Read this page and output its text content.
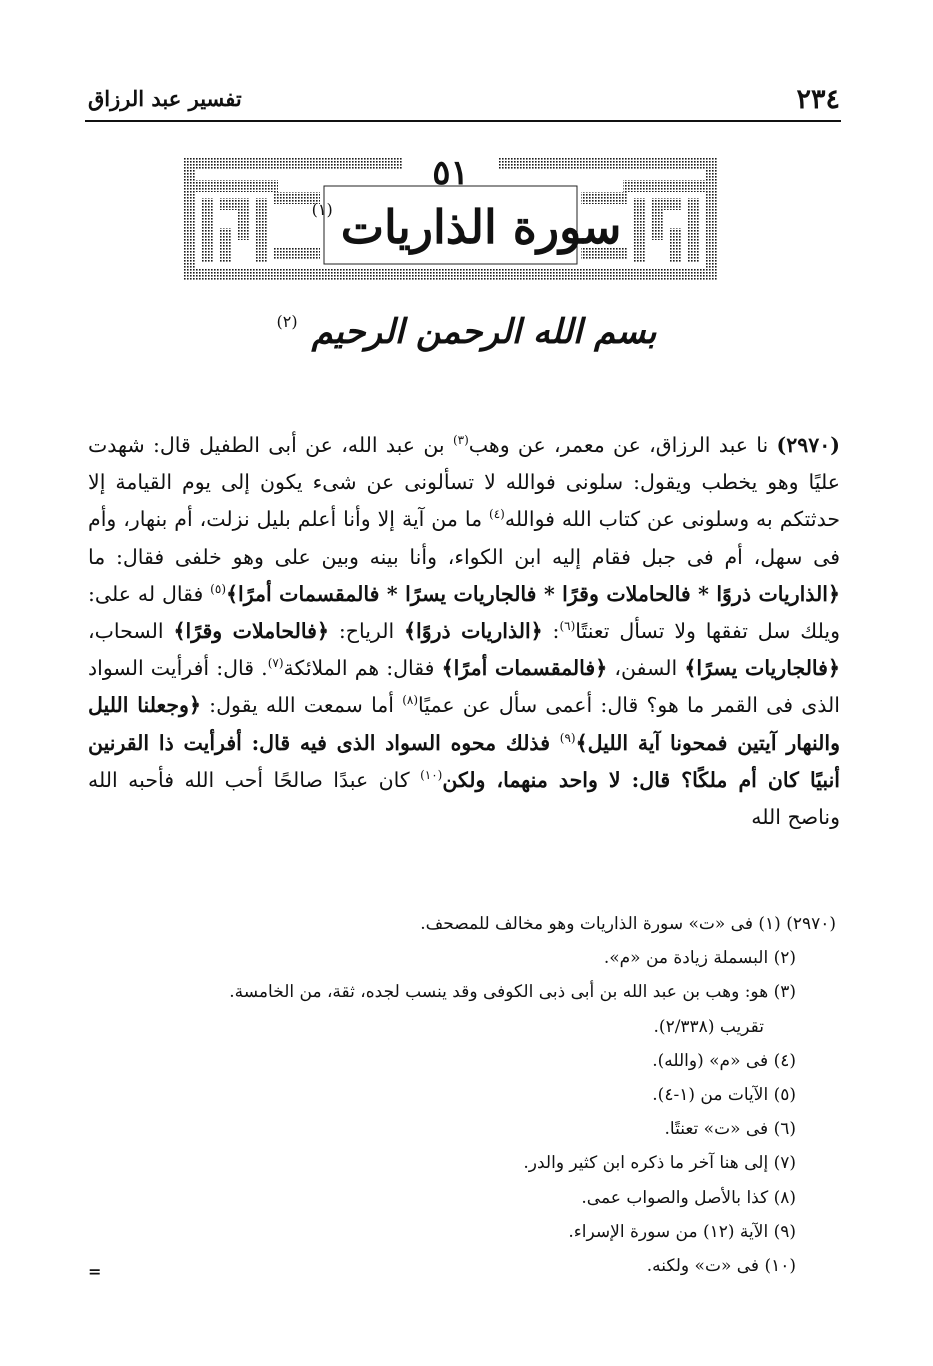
٢٣٤
تفسير عبد الرزاق
٥١
سورة الذاريات(١)
بسم الله الرحمن الرحيم(٢)

(٢٩٧٠) نا عبد الرزاق، عن معمر، عن وهب$^{(٣)}$ بن عبد الله، عن أبى الطفيل قال: شهدت عليًا وهو يخطب ويقول: سلونى فوالله لا تسألونى عن شىء يكون إلى يوم القيامة إلا حدثتكم به وسلونى عن كتاب الله فوالله$^{(٤)}$ ما من آية إلا وأنا أعلم بليل نزلت، أم بنهار، وأم فى سهل، أم فى جبل فقام إليه ابن الكواء، وأنا بينه وبين على وهو خلفى فقال: ما ﴿الذاريات ذروًا * فالحاملات وقرًا * فالجاريات يسرًا * فالمقسمات أمرًا﴾$^{(٥)}$ فقال له على: ويلك سل تفقها ولا تسأل تعنتًا$^{(٦)}$: ﴿الذاريات ذروًا﴾ الرياح: ﴿فالحاملات وقرًا﴾ السحاب، ﴿فالجاريات يسرًا﴾ السفن، ﴿فالمقسمات أمرًا﴾ فقال: هم الملائكة$^{(٧)}$. قال: أفرأيت السواد الذى فى القمر ما هو؟ قال: أعمى سأل عن عميًا$^{(٨)}$ أما سمعت الله يقول: ﴿وجعلنا الليل والنهار آيتين فمحونا آية الليل﴾$^{(٩)}$ فذلك محوه السواد الذى فيه قال: أفرأيت ذا القرنين أنبيًا كان أم ملكًا؟ قال: لا واحد منهما، ولكن$^{(١٠)}$ كان عبدًا صالحًا أحب الله فأحبه الله وناصح الله

(٢٩٧٠) (١) فى «ت» سورة الذاريات وهو مخالف للمصحف.
(٢) البسملة زيادة من «م».
(٣) هو: وهب بن عبد الله بن أبى ذبى الكوفى وقد ينسب لجده، ثقة، من الخامسة.
تقريب (٢/٣٣٨).
(٤) فى «م» (والله).
(٥) الآيات من (١-٤).
(٦) فى «ت» تعنتًا.
(٧) إلى هنا آخر ما ذكره ابن كثير والدر.
(٨) كذا بالأصل والصواب عمى.
(٩) الآية (١٢) من سورة الإسراء.
(١٠) فى «ت» ولكنه.
=
